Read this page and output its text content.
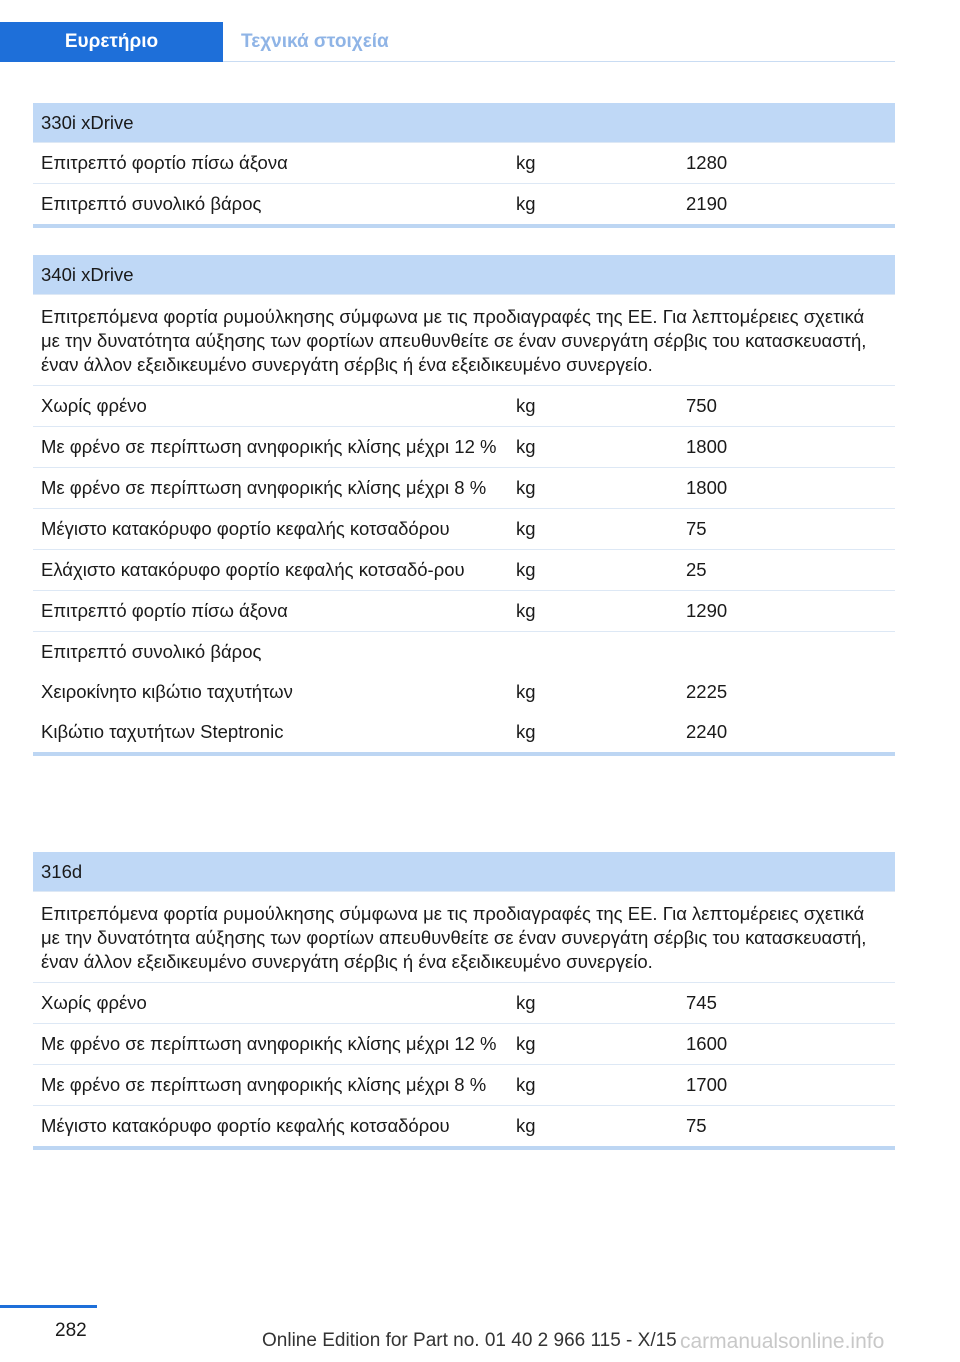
Ευρετήριο	Τεχνικά στοιχεία
330i xDrive
Επιτρεπτό φορτίο πίσω άξονα	kg	1280
Επιτρεπτό συνολικό βάρος	kg	2190
340i xDrive
Επιτρεπόμενα φορτία ρυμούλκησης σύμφωνα με τις προδιαγραφές της ΕΕ. Για λεπτομέρειες σχετικά με την δυνατότητα αύξησης των φορτίων απευθυνθείτε σε έναν συνεργάτη σέρβις του κατασκευαστή, έναν άλλον εξειδικευμένο συνεργάτη σέρβις ή ένα εξειδικευμένο συνεργείο.
Χωρίς φρένο	kg	750
Με φρένο σε περίπτωση ανηφορικής κλίσης μέχρι 12 %	kg	1800
Με φρένο σε περίπτωση ανηφορικής κλίσης μέχρι 8 %	kg	1800
Μέγιστο κατακόρυφο φορτίο κεφαλής κοτσαδόρου	kg	75
Ελάχιστο κατακόρυφο φορτίο κεφαλής κοτσαδό-ρου	kg	25
Επιτρεπτό φορτίο πίσω άξονα	kg	1290
Επιτρεπτό συνολικό βάρος
Χειροκίνητο κιβώτιο ταχυτήτων	kg	2225
Κιβώτιο ταχυτήτων Steptronic	kg	2240
316d
Επιτρεπόμενα φορτία ρυμούλκησης σύμφωνα με τις προδιαγραφές της ΕΕ. Για λεπτομέρειες σχετικά με την δυνατότητα αύξησης των φορτίων απευθυνθείτε σε έναν συνεργάτη σέρβις του κατασκευαστή, έναν άλλον εξειδικευμένο συνεργάτη σέρβις ή ένα εξειδικευμένο συνεργείο.
Χωρίς φρένο	kg	745
Με φρένο σε περίπτωση ανηφορικής κλίσης μέχρι 12 %	kg	1600
Με φρένο σε περίπτωση ανηφορικής κλίσης μέχρι 8 %	kg	1700
Μέγιστο κατακόρυφο φορτίο κεφαλής κοτσαδόρου	kg	75
282	Online Edition for Part no. 01 40 2 966 115 - X/15 carmanualsonline.info
